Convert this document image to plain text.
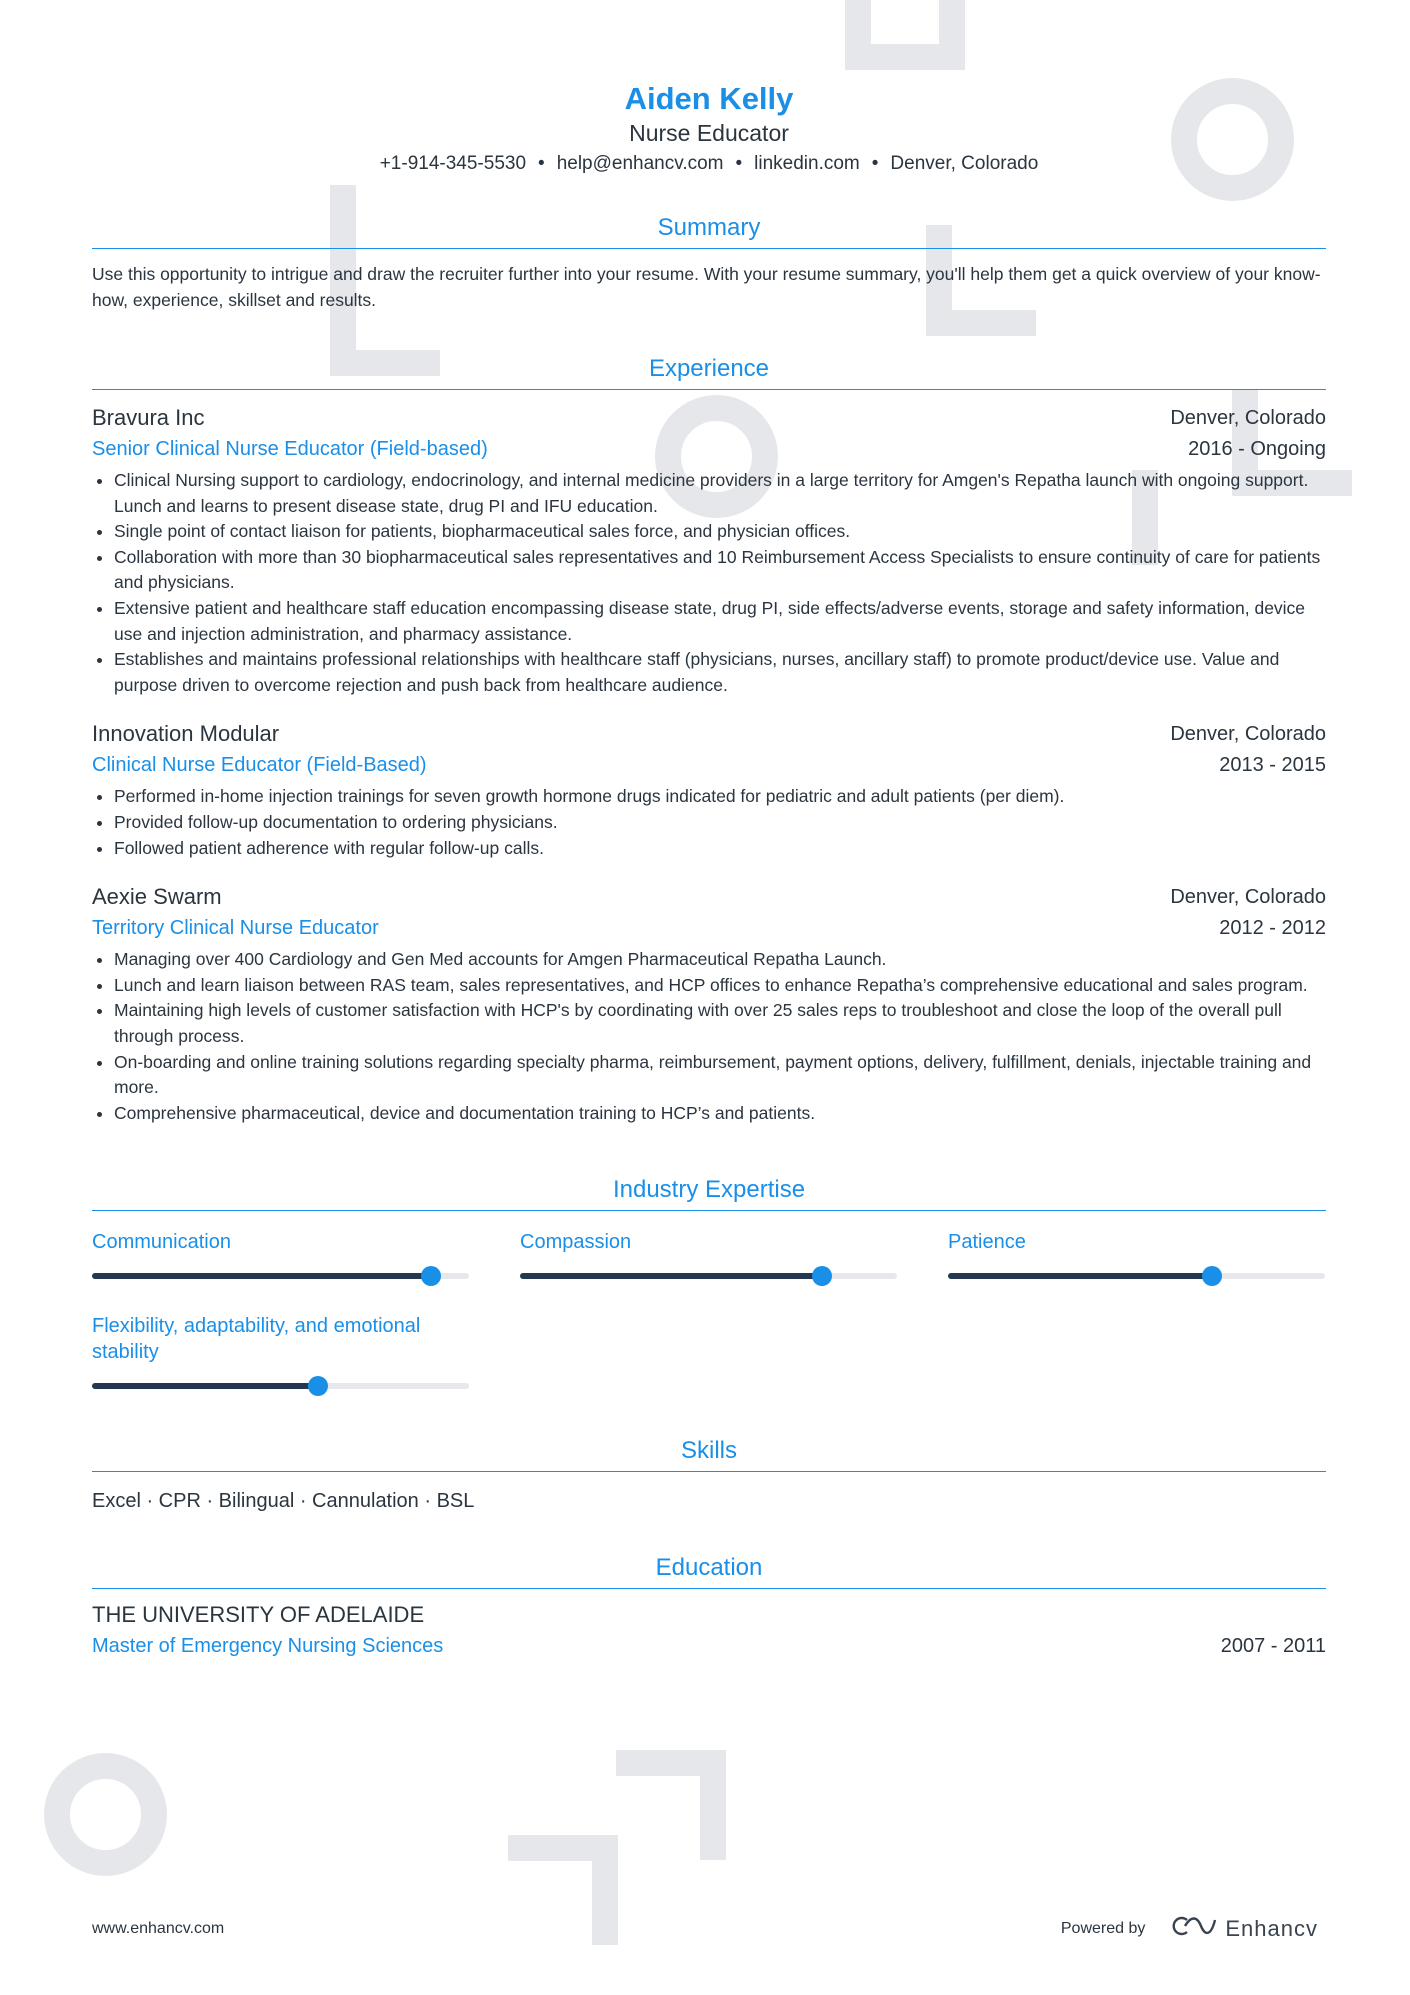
Aiden Kelly
Nurse Educator
+1-914-345-5530 • help@enhancv.com • linkedin.com • Denver, Colorado
Summary
Use this opportunity to intrigue and draw the recruiter further into your resume. With your resume summary, you'll help them get a quick overview of your know-how, experience, skillset and results.
Experience
Bravura Inc	Denver, Colorado
Senior Clinical Nurse Educator (Field-based)	2016 - Ongoing
• Clinical Nursing support to cardiology, endocrinology, and internal medicine providers in a large territory for Amgen's Repatha launch with ongoing support. Lunch and learns to present disease state, drug PI and IFU education.
• Single point of contact liaison for patients, biopharmaceutical sales force, and physician offices.
• Collaboration with more than 30 biopharmaceutical sales representatives and 10 Reimbursement Access Specialists to ensure continuity of care for patients and physicians.
• Extensive patient and healthcare staff education encompassing disease state, drug PI, side effects/adverse events, storage and safety information, device use and injection administration, and pharmacy assistance.
• Establishes and maintains professional relationships with healthcare staff (physicians, nurses, ancillary staff) to promote product/device use. Value and purpose driven to overcome rejection and push back from healthcare audience.
Innovation Modular	Denver, Colorado
Clinical Nurse Educator (Field-Based)	2013 - 2015
• Performed in-home injection trainings for seven growth hormone drugs indicated for pediatric and adult patients (per diem).
• Provided follow-up documentation to ordering physicians.
• Followed patient adherence with regular follow-up calls.
Aexie Swarm	Denver, Colorado
Territory Clinical Nurse Educator	2012 - 2012
• Managing over 400 Cardiology and Gen Med accounts for Amgen Pharmaceutical Repatha Launch.
• Lunch and learn liaison between RAS team, sales representatives, and HCP offices to enhance Repatha’s comprehensive educational and sales program.
• Maintaining high levels of customer satisfaction with HCP's by coordinating with over 25 sales reps to troubleshoot and close the loop of the overall pull through process.
• On-boarding and online training solutions regarding specialty pharma, reimbursement, payment options, delivery, fulfillment, denials, injectable training and more.
• Comprehensive pharmaceutical, device and documentation training to HCP’s and patients.
Industry Expertise
Communication	Compassion	Patience
Flexibility, adaptability, and emotional stability
Skills
Excel · CPR · Bilingual · Cannulation · BSL
Education
THE UNIVERSITY OF ADELAIDE
Master of Emergency Nursing Sciences	2007 - 2011
www.enhancv.com	Powered by	Enhancv
